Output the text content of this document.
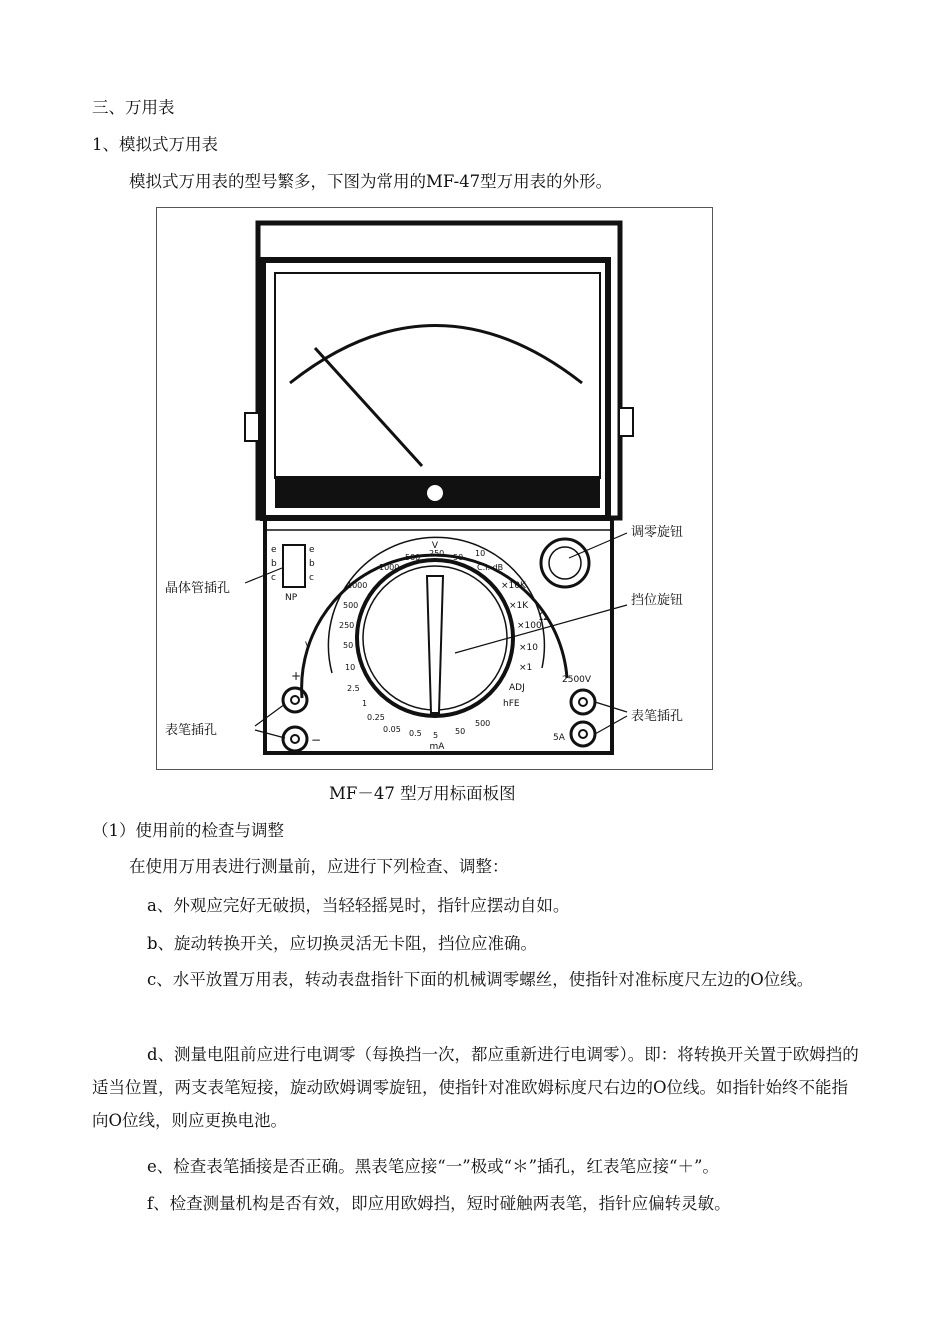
三、万用表
1、模拟式万用表
模拟式万用表的型号繁多，下图为常用的MF-47型万用表的外形。
V
V
Ω
mA
NP
2500V
5A
+
−
e
b
c
e
b
c
1000
500
250
50
10
2.5
1
0.25
0.05 0.5 5 50
500
1000
500 250 50 10
C.I. dB
×10K
×1K
×100
×10
×1
ADJ
hFE
调零旋钮
挡位旋钮
晶体管插孔
表笔插孔
表笔插孔
MF－47 型万用标面板图
（1）使用前的检查与调整
在使用万用表进行测量前，应进行下列检查、调整：
a、外观应完好无破损，当轻轻摇晃时，指针应摆动自如。
b、旋动转换开关，应切换灵活无卡阻，挡位应准确。
c、水平放置万用表，转动表盘指针下面的机械调零螺丝，使指针对准标度尺左边的O位线。
d、测量电阻前应进行电调零（每换挡一次，都应重新进行电调零）。即：将转换开关置于欧姆挡的适当位置，两支表笔短接，旋动欧姆调零旋钮，使指针对准欧姆标度尺右边的O位线。如指针始终不能指向O位线，则应更换电池。
e、检查表笔插接是否正确。黑表笔应接“一”极或“＊”插孔，红表笔应接“＋”。
f、检查测量机构是否有效，即应用欧姆挡，短时碰触两表笔，指针应偏转灵敏。
